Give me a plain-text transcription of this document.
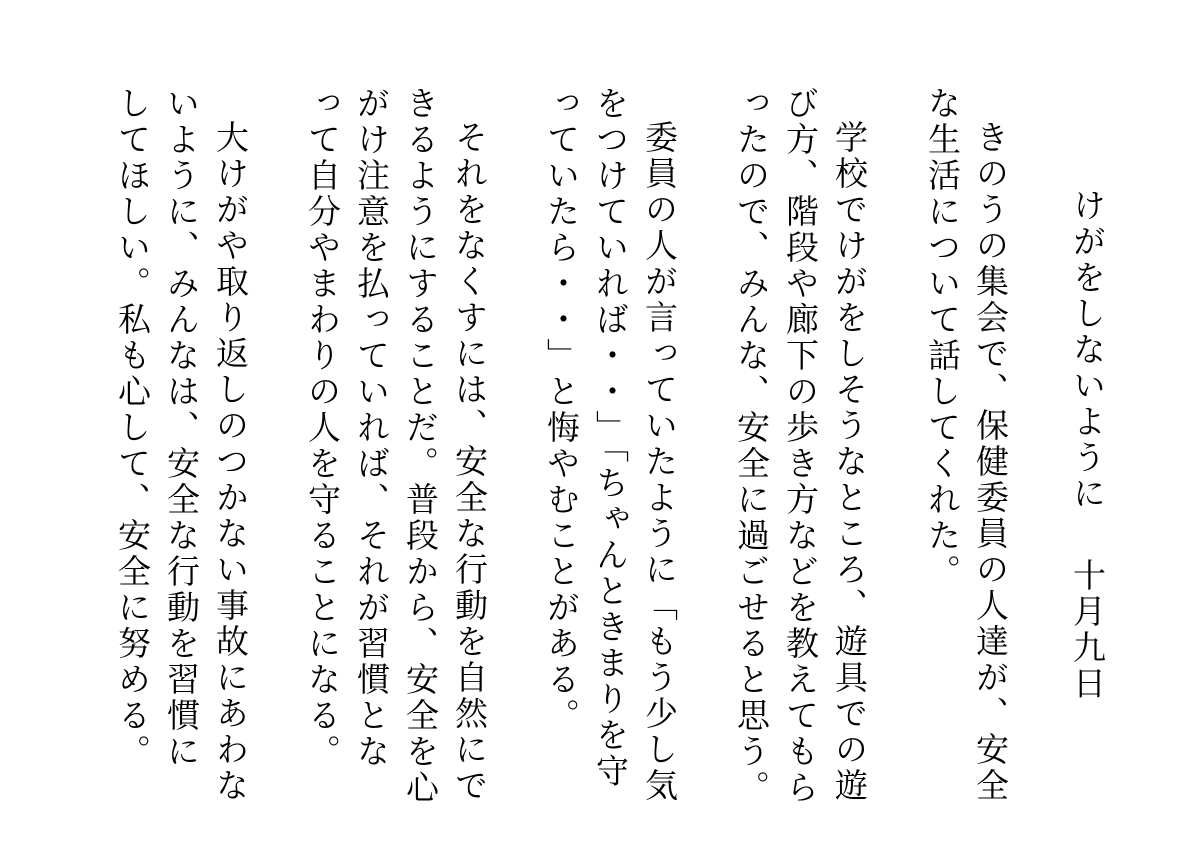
けがをしないように
十月九日

きのうの集会で、保健委員の人達が、安全

な生活について話してくれた。

学校でけがをしそうなところ、遊具での遊

び方、階段や廊下の歩き方などを教えてもら

ったので、みんな、安全に過ごせると思う。

委員の人が言っていたように「もう少し気

をつけていれば・・」「ちゃんときまりを守

っていたら・・」と悔やむことがある。

それをなくすには、安全な行動を自然にで

きるようにすることだ。普段から、安全を心

がけ注意を払っていれば、それが習慣とな

って自分やまわりの人を守ることになる。

大けがや取り返しのつかない事故にあわな

いように、みんなは、安全な行動を習慣に

してほしい。私も心して、安全に努める。
